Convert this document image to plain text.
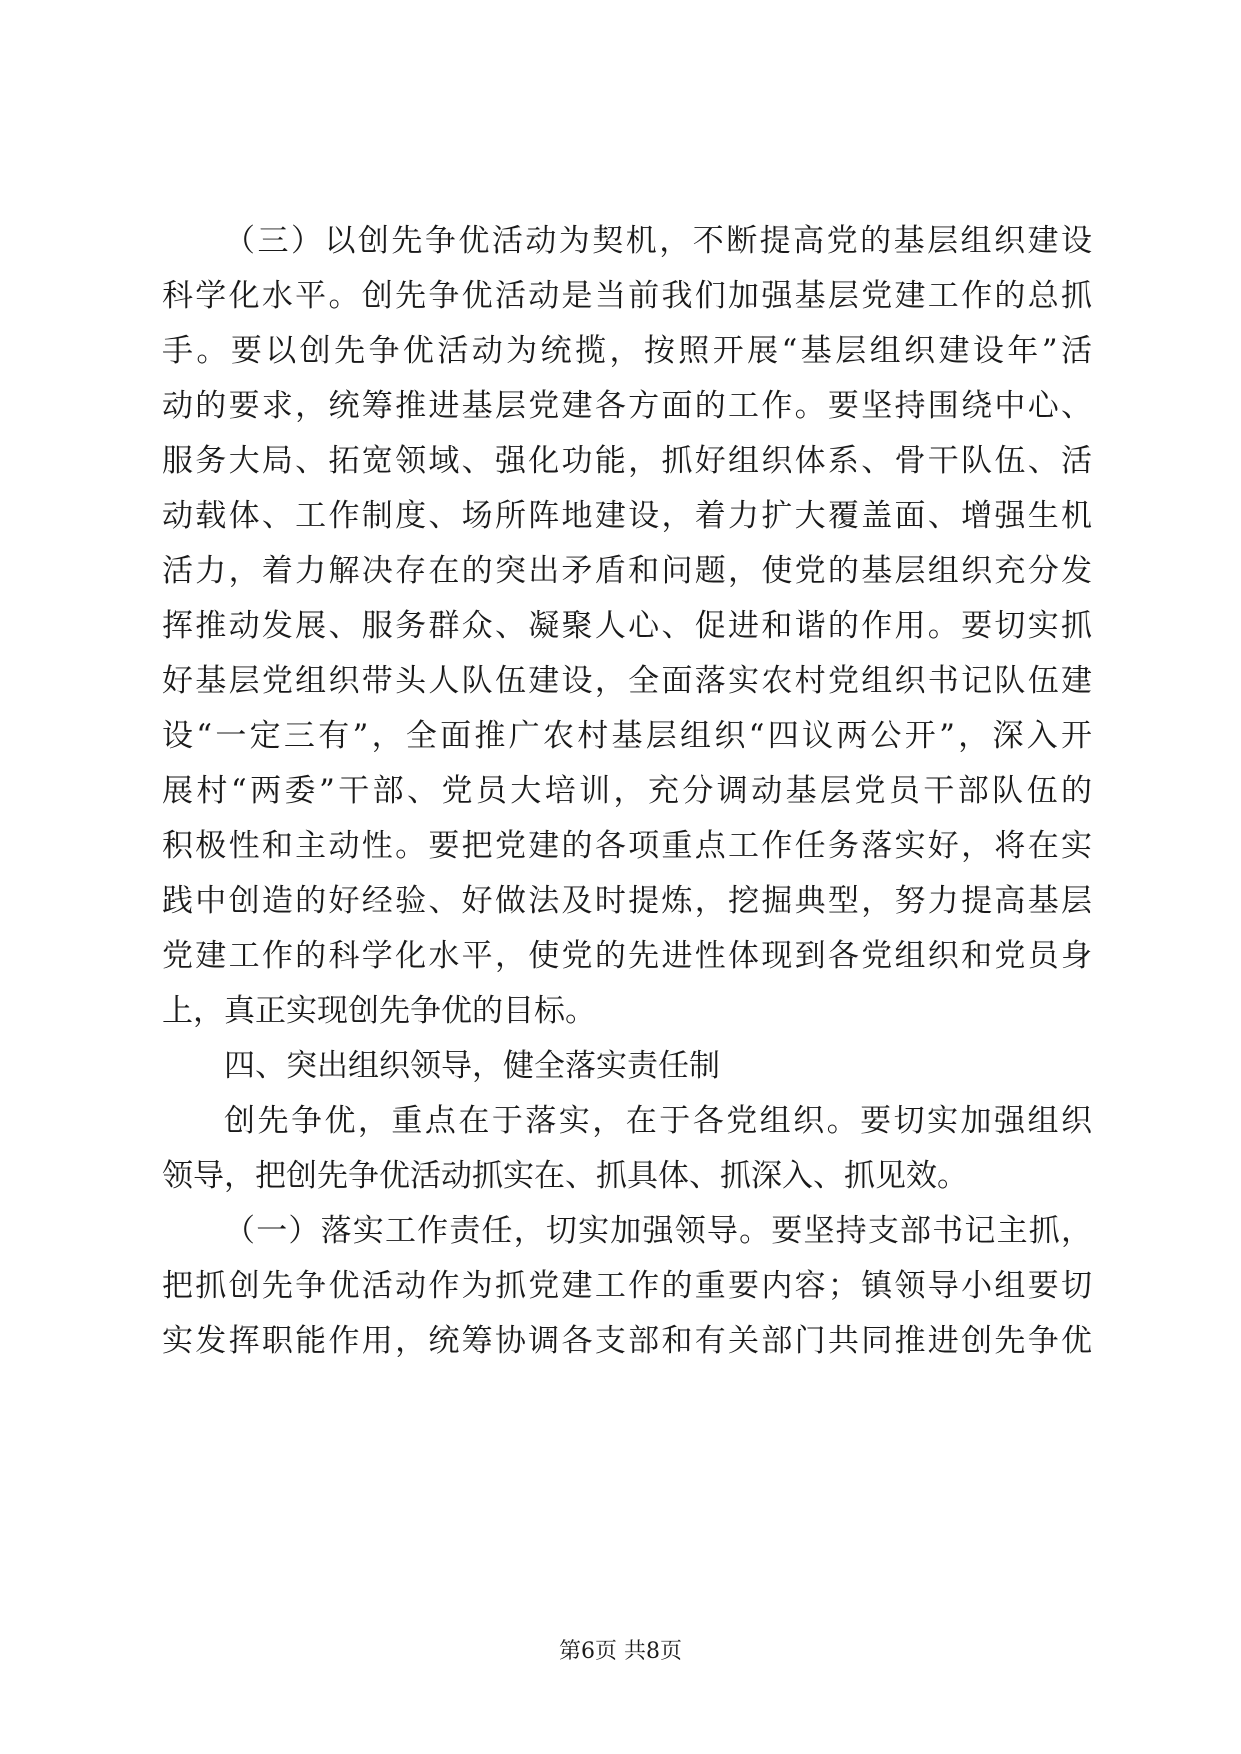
（三）以创先争优活动为契机，不断提高党的基层组织建设
科学化水平。创先争优活动是当前我们加强基层党建工作的总抓
手。要以创先争优活动为统揽，按照开展“基层组织建设年”活
动的要求，统筹推进基层党建各方面的工作。要坚持围绕中心、
服务大局、拓宽领域、强化功能，抓好组织体系、骨干队伍、活
动载体、工作制度、场所阵地建设，着力扩大覆盖面、增强生机
活力，着力解决存在的突出矛盾和问题，使党的基层组织充分发
挥推动发展、服务群众、凝聚人心、促进和谐的作用。要切实抓
好基层党组织带头人队伍建设，全面落实农村党组织书记队伍建
设“一定三有”，全面推广农村基层组织“四议两公开”，深入开
展村“两委”干部、党员大培训，充分调动基层党员干部队伍的
积极性和主动性。要把党建的各项重点工作任务落实好，将在实
践中创造的好经验、好做法及时提炼，挖掘典型，努力提高基层
党建工作的科学化水平，使党的先进性体现到各党组织和党员身
上，真正实现创先争优的目标。
四、突出组织领导，健全落实责任制
创先争优，重点在于落实，在于各党组织。要切实加强组织
领导，把创先争优活动抓实在、抓具体、抓深入、抓见效。
（一）落实工作责任，切实加强领导。要坚持支部书记主抓，
把抓创先争优活动作为抓党建工作的重要内容；镇领导小组要切
实发挥职能作用，统筹协调各支部和有关部门共同推进创先争优
第6页 共8页
